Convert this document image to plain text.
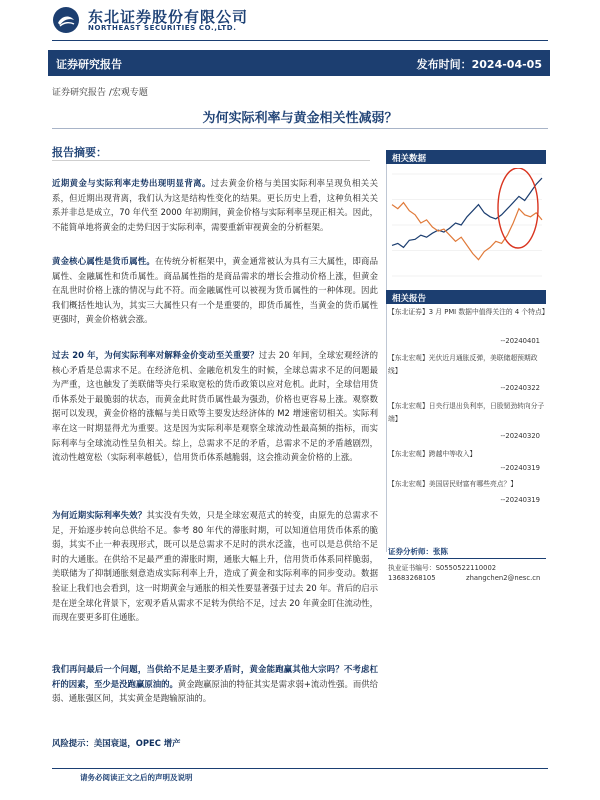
东北证券股份有限公司
NORTHEAST SECURITIES CO.,LTD.
证券研究报告	发布时间：2024-04-05
证券研究报告 /宏观专题
为何实际利率与黄金相关性减弱？
报告摘要：
近期黄金与实际利率走势出现明显背离。过去黄金价格与美国实际利率呈现负相关关系，但近期出现背离，我们认为这是结构性变化的结果。更长历史上看，这种负相关关系并非总是成立，70 年代至 2000 年初期间，黄金价格与实际利率呈现正相关。因此，不能简单地将黄金的走势归因于实际利率，需要重新审视黄金的分析框架。
黄金核心属性是货币属性。在传统分析框架中，黄金通常被认为具有三大属性，即商品属性、金融属性和货币属性。商品属性指的是商品需求的增长会推动价格上涨，但黄金在乱世时价格上涨的情况与此不符。而金融属性可以被视为货币属性的一种体现。因此我们概括性地认为，其实三大属性只有一个是重要的，即货币属性，当黄金的货币属性更强时，黄金价格就会涨。
过去 20 年，为何实际利率对解释金价变动至关重要？过去 20 年间，全球宏观经济的核心矛盾是总需求不足。在经济危机、金融危机发生的时候，全球总需求不足的问题最为严重，这也触发了美联储等央行采取宽松的货币政策以应对危机。此时，全球信用货币体系处于最脆弱的状态，而黄金此时货币属性最为强劲，价格也更容易上涨。观察数据可以发现，黄金价格的涨幅与美日欧等主要发达经济体的 M2 增速密切相关。实际利率在这一时期显得尤为重要。这是因为实际利率是观察全球流动性最高频的指标，而实际利率与全球流动性呈负相关。综上，总需求不足的矛盾，总需求不足的矛盾越剧烈，流动性越宽松（实际利率越低），信用货币体系越脆弱，这会推动黄金价格的上涨。
为何近期实际利率失效？其实没有失效，只是全球宏观范式的转变，由原先的总需求不足，开始逐步转向总供给不足。参考 80 年代的滞胀时期，可以知道信用货币体系的脆弱，其实不止一种表现形式，既可以是总需求不足时的洪水泛滥，也可以是总供给不足时的大通胀。在供给不足最严重的滞胀时期，通胀大幅上升，信用货币体系同样脆弱，美联储为了抑制通胀刻意造成实际利率上升，造成了黄金和实际利率的同步变动。数据验证上我们也会看到，这一时期黄金与通胀的相关性要显著强于过去 20 年。背后的启示是在逆全球化背景下，宏观矛盾从需求不足转为供给不足，过去 20 年黄金盯住流动性，而现在要更多盯住通胀。
我们再问最后一个问题，当供给不足是主要矛盾时，黄金能跑赢其他大宗吗？不考虑杠杆的因素，至少是没跑赢原油的。黄金跑赢原油的特征其实是需求弱+流动性强。而供给弱、通胀强区间，其实黄金是跑输原油的。
风险提示：美国衰退，OPEC 增产
相关数据
相关报告
【东北证券】3 月 PMI 数据中值得关注的 4 个特点】
--20240401
【东北宏观】光伏近月通胀反弹，美联储超预期政线】
--20240322
【东北宏观】日央行退出负利率，日股韧劲转向分子端】
--20240320
【东北宏观】跨越中等收入】
--20240319
【东北宏观】美国居民财富有哪些亮点？】
--20240319
证券分析师：张陈
执业证书编号：S0550522110002
13683268105	zhangchen2@nesc.cn
请务必阅读正文之后的声明及说明
